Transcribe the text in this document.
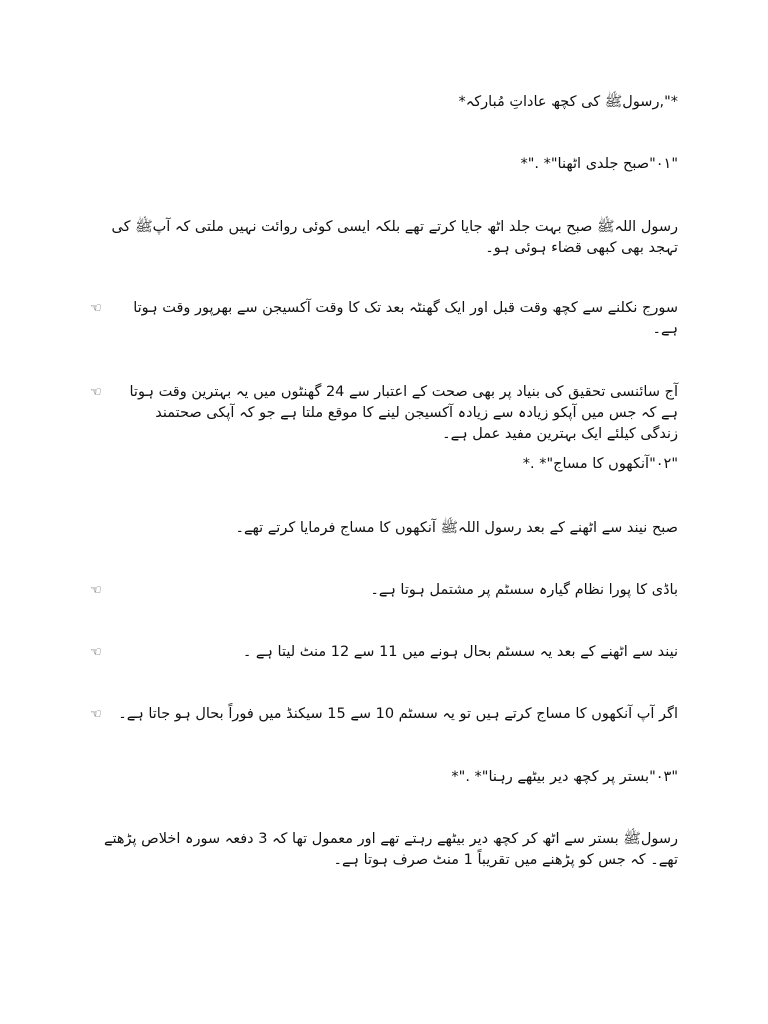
*",رسولﷺ کی کچھ عاداتِ مُبارکہ*
"۰۱"صبح جلدی اٹھنا"* ."*
رسول اللہﷺ صبح بہت جلد اٹھ جایا کرتے تھے بلکہ ایسی کوئی روائت نہیں ملتی کہ آپﷺ کی تہجد بھی کبھی قضاء ہوئی ہو۔
☜	سورج نکلنے سے کچھ وقت قبل اور ایک گھنٹہ بعد تک کا وقت آکسیجن سے بھرپور وقت ہوتا ہے۔
☜	آج سائنسی تحقیق کی بنیاد پر بھی صحت کے اعتبار سے 24 گھنٹوں میں یہ بہترین وقت ہوتا ہے کہ جس میں آپکو زیادہ سے زیادہ آکسیجن لینے کا موقع ملتا ہے جو کہ آپکی صحتمند زندگی کیلئے ایک بہترین مفید عمل ہے۔
"۰۲"آنکھوں کا مساج"* .*
صبح نیند سے اٹھنے کے بعد رسول اللہﷺ آنکھوں کا مساج فرمایا کرتے تھے۔
☜	باڈی کا پورا نظام گیارہ سسٹم پر مشتمل ہوتا ہے۔
☜	نیند سے اٹھنے کے بعد یہ سسٹم بحال ہونے میں 11 سے 12 منٹ لیتا ہے ۔
☜ اگر آپ آنکھوں کا مساج کرتے ہیں تو یہ سسٹم 10 سے 15 سیکنڈ میں فوراً بحال ہو جاتا ہے۔
"۰۳"بستر پر کچھ دیر بیٹھے رہنا"* ."*
رسولﷺ بستر سے اٹھ کر کچھ دیر بیٹھے رہتے تھے اور معمول تھا کہ 3 دفعہ سورہ اخلاص پڑھتے تھے۔ کہ جس کو پڑھنے میں تقریباً 1 منٹ صرف ہوتا ہے۔
